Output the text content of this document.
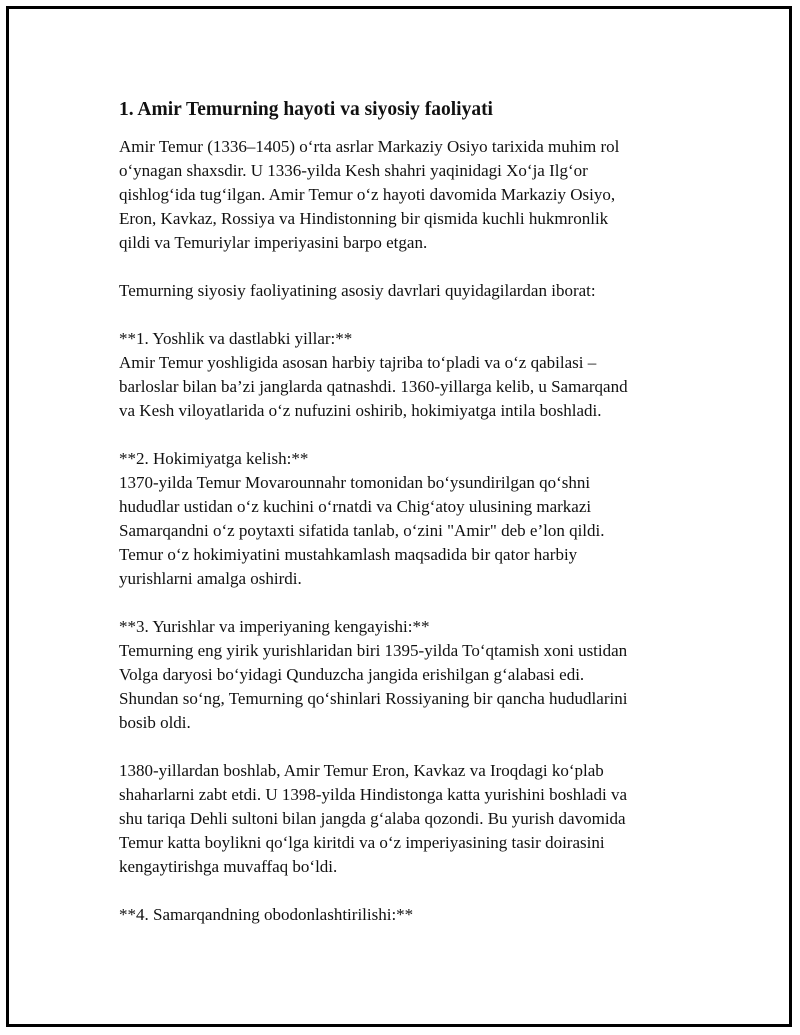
1. Amir Temurning hayoti va siyosiy faoliyati
Amir Temur (1336–1405) o‘rta asrlar Markaziy Osiyo tarixida muhim rol
o‘ynagan shaxsdir. U 1336-yilda Kesh shahri yaqinidagi Xo‘ja Ilg‘or
qishlog‘ida tug‘ilgan. Amir Temur o‘z hayoti davomida Markaziy Osiyo,
Eron, Kavkaz, Rossiya va Hindistonning bir qismida kuchli hukmronlik
qildi va Temuriylar imperiyasini barpo etgan.
Temurning siyosiy faoliyatining asosiy davrlari quyidagilardan iborat:
**1. Yoshlik va dastlabki yillar:**
Amir Temur yoshligida asosan harbiy tajriba to‘pladi va o‘z qabilasi –
barloslar bilan ba’zi janglarda qatnashdi. 1360-yillarga kelib, u Samarqand
va Kesh viloyatlarida o‘z nufuzini oshirib, hokimiyatga intila boshladi.
**2. Hokimiyatga kelish:**
1370-yilda Temur Movarounnahr tomonidan bo‘ysundirilgan qo‘shni
hududlar ustidan o‘z kuchini o‘rnatdi va Chig‘atoy ulusining markazi
Samarqandni o‘z poytaxti sifatida tanlab, o‘zini "Amir" deb e’lon qildi.
Temur o‘z hokimiyatini mustahkamlash maqsadida bir qator harbiy
yurishlarni amalga oshirdi.
**3. Yurishlar va imperiyaning kengayishi:**
Temurning eng yirik yurishlaridan biri 1395-yilda To‘qtamish xoni ustidan
Volga daryosi bo‘yidagi Qunduzcha jangida erishilgan g‘alabasi edi.
Shundan so‘ng, Temurning qo‘shinlari Rossiyaning bir qancha hududlarini
bosib oldi.
1380-yillardan boshlab, Amir Temur Eron, Kavkaz va Iroqdagi ko‘plab
shaharlarni zabt etdi. U 1398-yilda Hindistonga katta yurishini boshladi va
shu tariqa Dehli sultoni bilan jangda g‘alaba qozondi. Bu yurish davomida
Temur katta boylikni qo‘lga kiritdi va o‘z imperiyasining tasir doirasini
kengaytirishga muvaffaq bo‘ldi.
**4. Samarqandning obodonlashtirilishi:**
